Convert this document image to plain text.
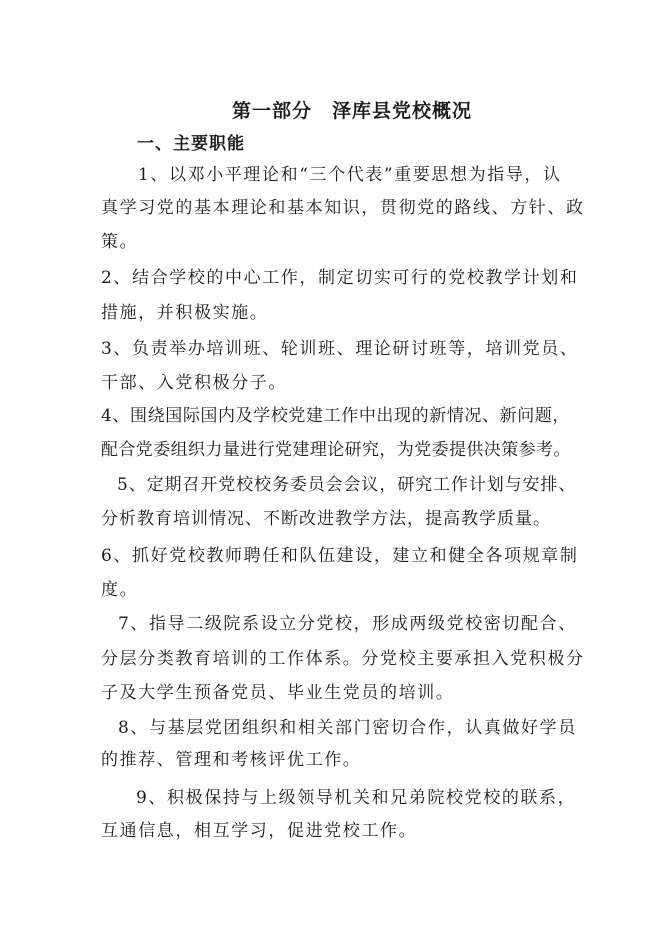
第一部分　泽库县党校概况
一、主要职能
1、以邓小平理论和“三个代表”重要思想为指导，认
真学习党的基本理论和基本知识，贯彻党的路线、方针、政
策。
2、结合学校的中心工作，制定切实可行的党校教学计划和
措施，并积极实施。
3、负责举办培训班、轮训班、理论研讨班等，培训党员、
干部、入党积极分子。
4、围绕国际国内及学校党建工作中出现的新情况、新问题，
配合党委组织力量进行党建理论研究，为党委提供决策参考。
5、定期召开党校校务委员会会议，研究工作计划与安排、
分析教育培训情况、不断改进教学方法，提高教学质量。
6、抓好党校教师聘任和队伍建设，建立和健全各项规章制
度。
7、指导二级院系设立分党校，形成两级党校密切配合、
分层分类教育培训的工作体系。分党校主要承担入党积极分
子及大学生预备党员、毕业生党员的培训。
8、与基层党团组织和相关部门密切合作，认真做好学员
的推荐、管理和考核评优工作。
9、积极保持与上级领导机关和兄弟院校党校的联系，
互通信息，相互学习，促进党校工作。
